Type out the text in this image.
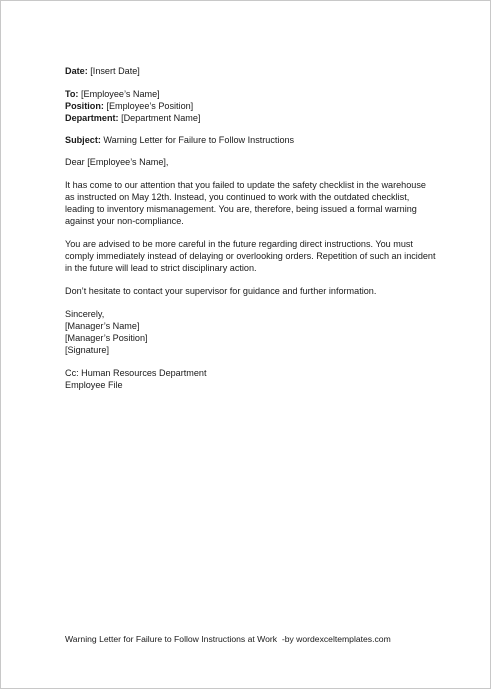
Date: [Insert Date]
To: [Employee’s Name]
Position: [Employee’s Position]
Department: [Department Name]
Subject: Warning Letter for Failure to Follow Instructions
Dear [Employee’s Name],
It has come to our attention that you failed to update the safety checklist in the warehouse as instructed on May 12th. Instead, you continued to work with the outdated checklist, leading to inventory mismanagement. You are, therefore, being issued a formal warning against your non-compliance.
You are advised to be more careful in the future regarding direct instructions. You must comply immediately instead of delaying or overlooking orders. Repetition of such an incident in the future will lead to strict disciplinary action.
Don’t hesitate to contact your supervisor for guidance and further information.
Sincerely,
[Manager’s Name]
[Manager’s Position]
[Signature]
Cc: Human Resources Department
Employee File
Warning Letter for Failure to Follow Instructions at Work  -by wordexceltemplates.com
